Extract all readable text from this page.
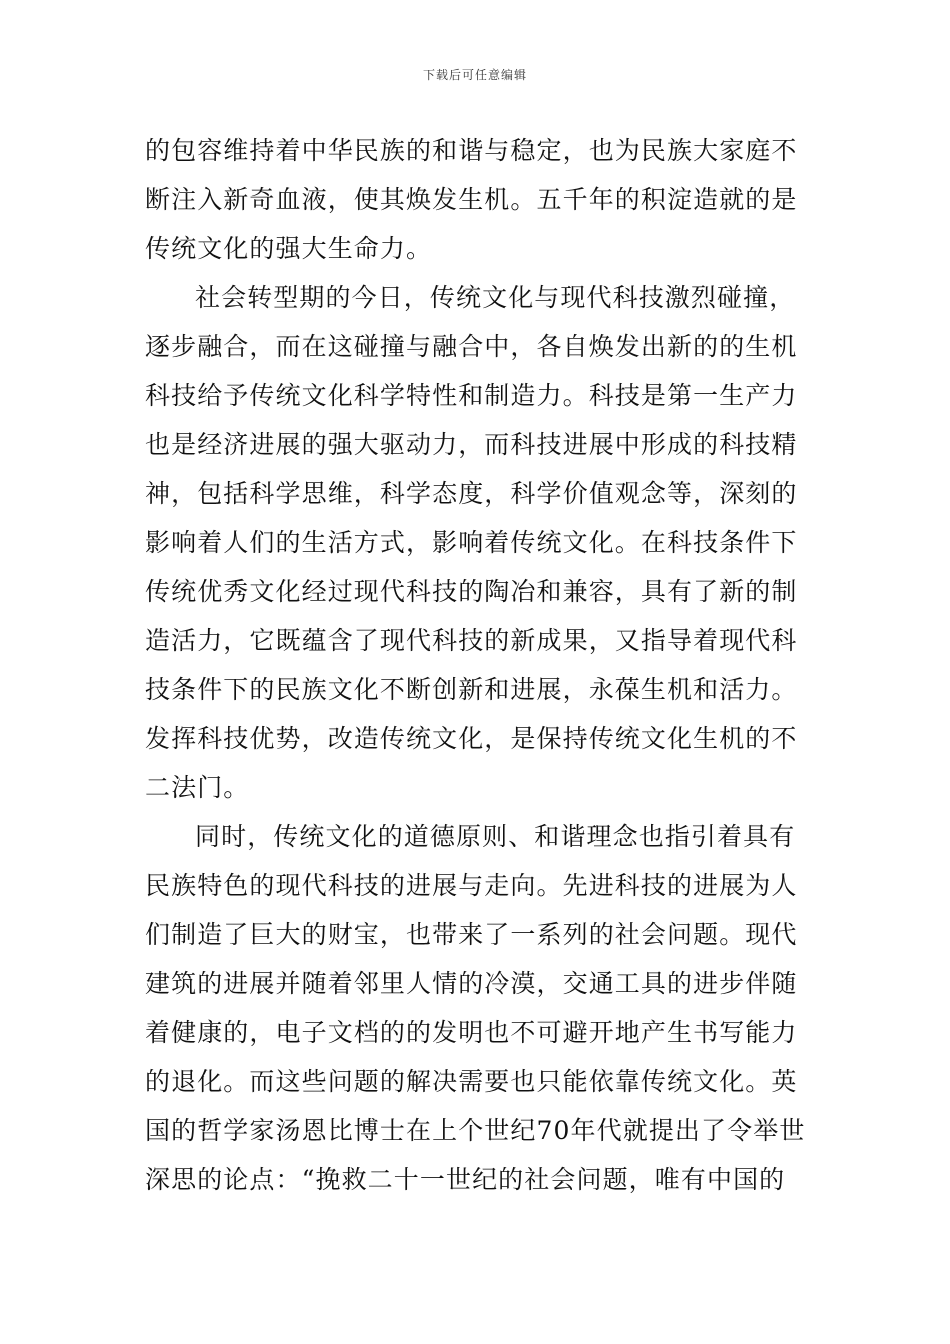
下载后可任意编辑
的包容维持着中华民族的和谐与稳定，也为民族大家庭不
断注入新奇血液，使其焕发生机。五千年的积淀造就的是
传统文化的强大生命力。
社会转型期的今日，传统文化与现代科技激烈碰撞，
逐步融合，而在这碰撞与融合中，各自焕发出新的的生机
科技给予传统文化科学特性和制造力。科技是第一生产力
也是经济进展的强大驱动力，而科技进展中形成的科技精
神，包括科学思维，科学态度，科学价值观念等，深刻的
影响着人们的生活方式，影响着传统文化。在科技条件下
传统优秀文化经过现代科技的陶冶和兼容，具有了新的制
造活力，它既蕴含了现代科技的新成果，又指导着现代科
技条件下的民族文化不断创新和进展，永葆生机和活力。
发挥科技优势，改造传统文化，是保持传统文化生机的不
二法门。
同时，传统文化的道德原则、和谐理念也指引着具有
民族特色的现代科技的进展与走向。先进科技的进展为人
们制造了巨大的财宝，也带来了一系列的社会问题。现代
建筑的进展并随着邻里人情的冷漠，交通工具的进步伴随
着健康的，电子文档的的发明也不可避开地产生书写能力
的退化。而这些问题的解决需要也只能依靠传统文化。英
国的哲学家汤恩比博士在上个世纪70年代就提出了令举世
深思的论点：“挽救二十一世纪的社会问题，唯有中国的
